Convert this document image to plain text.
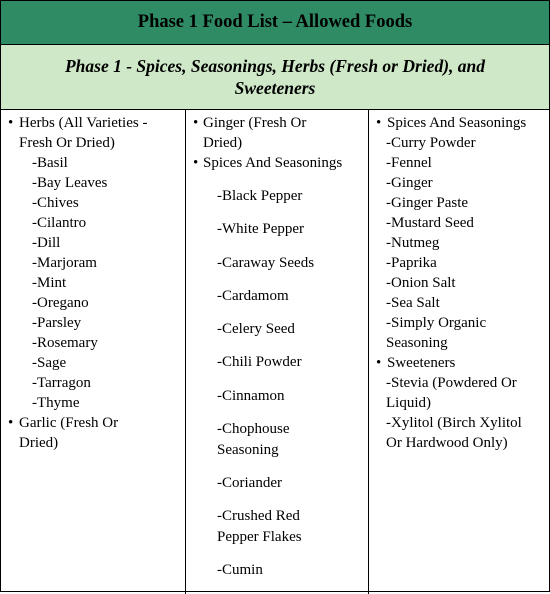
Phase 1 Food List – Allowed Foods
Phase 1 - Spices, Seasonings, Herbs (Fresh or Dried), and Sweeteners
• Herbs (All Varieties - Fresh Or Dried)
-Basil
-Bay Leaves
-Chives
-Cilantro
-Dill
-Marjoram
-Mint
-Oregano
-Parsley
-Rosemary
-Sage
-Tarragon
-Thyme
• Garlic (Fresh Or Dried)
• Ginger (Fresh Or Dried)
• Spices And Seasonings
-Black Pepper
-White Pepper
-Caraway Seeds
-Cardamom
-Celery Seed
-Chili Powder
-Cinnamon
-Chophouse Seasoning
-Coriander
-Crushed Red Pepper Flakes
-Cumin
• Spices And Seasonings
-Curry Powder
-Fennel
-Ginger
-Ginger Paste
-Mustard Seed
-Nutmeg
-Paprika
-Onion Salt
-Sea Salt
-Simply Organic Seasoning
• Sweeteners
-Stevia (Powdered Or Liquid)
-Xylitol (Birch Xylitol Or Hardwood Only)
